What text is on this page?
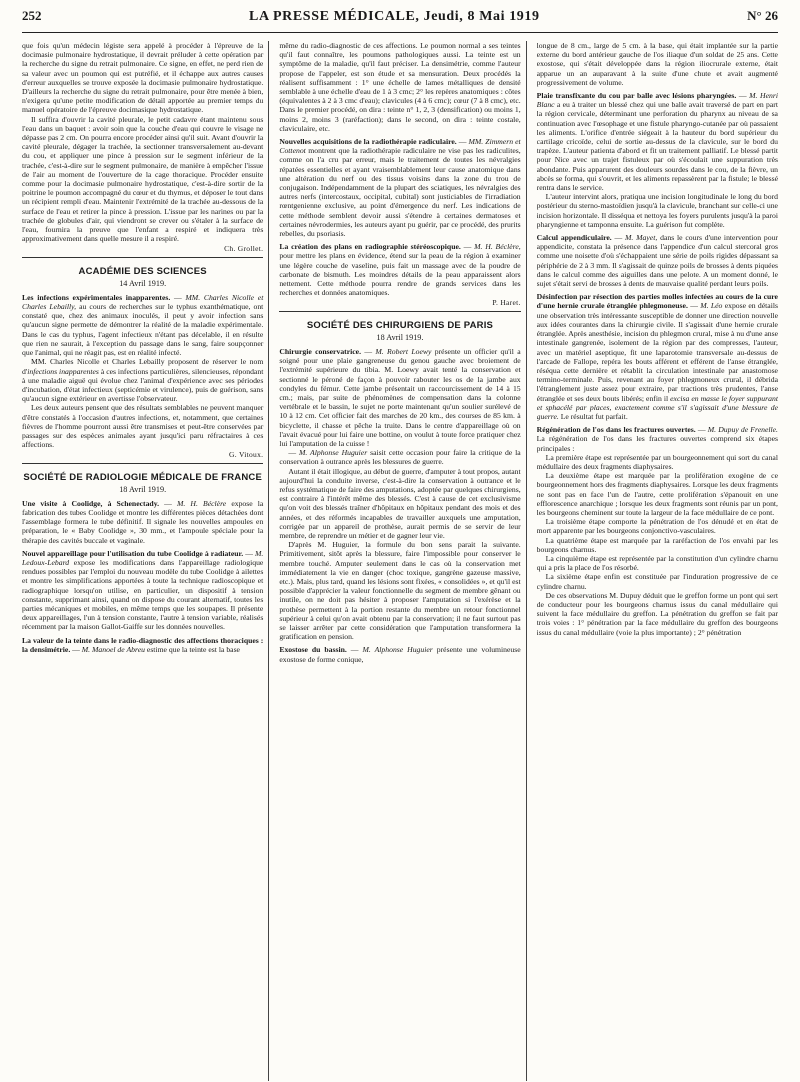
252	LA PRESSE MÉDICALE, Jeudi, 8 Mai 1919	N° 26

que fois qu'un médecin légiste sera appelé à procéder à l'épreuve de la docimasie pulmonaire hydrostatique, il devrait préluder à cette opération par la recherche du signe du retrait pulmonaire. Ce signe, en effet, ne perd rien de sa valeur avec un poumon qui est putréfié, et il échappe aux autres causes d'erreur auxquelles se trouve exposée la docimasie pulmonaire hydrostatique. D'ailleurs la recherche du signe du retrait pulmonaire, pour être menée à bien, n'exigera qu'une petite modification de détail apportée au premier temps du manuel opératoire de l'épreuve docimasique hydrostatique.

Il suffira d'ouvrir la cavité pleurale, le petit cadavre étant maintenu sous l'eau dans un baquet : avoir soin que la couche d'eau qui couvre le visage ne dépasse pas 2 cm. On pourra encore procéder ainsi qu'il suit. Avant d'ouvrir la cavité pleurale, dégager la trachée, la sectionner transversalement au-devant du cou, et appliquer une pince à pression sur le segment inférieur de la trachée, c'est-à-dire sur le segment pulmonaire, de manière à empêcher l'issue de l'air au moment de l'ouverture de la cage thoracique. Procéder ensuite comme pour la docimasie pulmonaire hydrostatique, c'est-à-dire sortir de la poitrine le poumon accompagné du cœur et du thymus, et déposer le tout dans un récipient rempli d'eau. Maintenir l'extrémité de la trachée au-dessous de la surface de l'eau et retirer la pince à pression. L'issue par les narines ou par la trachée de globules d'air, qui viendront se crever ou s'étaler à la surface de l'eau, fournira la preuve que l'enfant a respiré et indiquera très approximativement dans quelle mesure il a respiré.

Ch. Grollet.
ACADÉMIE DES SCIENCES
14 Avril 1919.

Les infections expérimentales inapparentes. — MM. Charles Nicolle et Charles Lebailly, au cours de recherches sur le typhus exanthématique, ont constaté que, chez des animaux inoculés, il peut y avoir infection sans qu'aucun signe permette de démontrer la réalité de la maladie expérimentale. Dans le cas du typhus, l'agent infectieux n'étant pas décelable, il en résulte que rien ne saurait, à l'exception du passage dans le sang, faire soupçonner que l'animal, qui ne réagit pas, est en réalité infecté.

MM. Charles Nicolle et Charles Lebailly proposent de réserver le nom d'infections inapparentes à ces infections particulières, silencieuses, répondant à une maladie aiguë qui évolue chez l'animal d'expérience avec ses périodes d'incubation, d'état infectieux (septicémie et virulence), puis de guérison, sans qu'aucun signe extérieur en avertisse l'observateur.

Les deux auteurs pensent que des résultats semblables ne peuvent manquer d'être constatés à l'occasion d'autres infections, et, notamment, que certaines fièvres de l'homme pourront aussi être transmises et peut-être conservées par passages sur des espèces animales ayant jusqu'ici paru réfractaires à ces affections.

G. Vitoux.
SOCIÉTÉ DE RADIOLOGIE MÉDICALE DE FRANCE
18 Avril 1919.

Une visite à Coolidge, à Schenectady. — M. H. Béclère expose la fabrication des tubes Coolidge et montre les différentes pièces détachées dont l'assemblage formera le tube définitif. Il signale les nouvelles ampoules en préparation, le « Baby Coolidge », 30 mm., et l'ampoule spéciale pour la thérapie des cavités buccale et vaginale.

Nouvel appareillage pour l'utilisation du tube Coolidge à radiateur. — M. Ledoux-Lebard expose les modifications dans l'appareillage radiologique rendues possibles par l'emploi du nouveau modèle du tube Coolidge à ailettes et montre les simplifications apportées à toute la technique radioscopique et radiographique lorsqu'on utilise, en particulier, un dispositif à tension constante, supprimant ainsi, quand on dispose du courant alternatif, toutes les parties mécaniques et mobiles, en même temps que les soupapes. Il présente deux appareillages, l'un à tension constante, l'autre à tension variable, réalisés récemment par la maison Gallot-Gaiffe sur les données nouvelles.

La valeur de la teinte dans le radio-diagnostic des affections thoraciques : la densimétrie. — M. Manoel de Abreu estime que la teinte est la base

même du radio-diagnostic de ces affections. Le poumon normal a ses teintes qu'il faut connaître, les poumons pathologiques aussi. La teinte est un symptôme de la maladie, qu'il faut préciser. La densimétrie, comme l'auteur propose de l'appeler, est son étude et sa mensuration. Deux procédés la réalisent suffisamment : 1° une échelle de lames métalliques de densité semblable à une échelle d'eau de 1 à 3 cmc; 2° les repères anatomiques : côtes (équivalentes à 2 à 3 cmc d'eau); clavicules (4 à 6 cmc); cœur (7 à 8 cmc), etc. Dans le premier procédé, on dira : teinte n° 1, 2, 3 (densification) ou moins 1, moins 2, moins 3 (raréfaction); dans le second, on dira : teinte costale, claviculaire, etc.

Nouvelles acquisitions de la radiothérapie radiculaire. — MM. Zimmern et Cottenot montrent que la radiothérapie radiculaire ne vise pas les radiculites, comme on l'a cru par erreur, mais le traitement de toutes les névralgies répatées essentielles et ayant vraisemblablement leur cause anatomique dans une altération du nerf ou des tissus voisins dans la zone du trou de conjugaison. Indépendamment de la plupart des sciatiques, les névralgies des autres nerfs (intercostaux, occipital, cubital) sont justiciables de l'irradiation rœntgenienne exclusive, au point d'émergence du nerf. Les indications de cette méthode semblent devoir aussi s'étendre à certaines dermatoses et certaines névrodermies, les auteurs ayant pu guérir, par ce procédé, des prurits rebelles, du psoriasis.

La création des plans en radiographie stéréoscopique. — M. H. Béclère, pour mettre les plans en évidence, étend sur la peau de la région à examiner une légère couche de vaseline, puis fait un massage avec de la poudre de carbonate de bismuth. Les moindres détails de la peau apparaissent alors nettement. Cette méthode pourra rendre de grands services dans les recherches et données anatomiques.

P. Haret.
SOCIÉTÉ DES CHIRURGIENS DE PARIS
18 Avril 1919.

Chirurgie conservatrice. — M. Robert Loewy présente un officier qu'il a soigné pour une plaie gangreneuse du genou gauche avec broiement de l'extrémité supérieure du tibia. M. Loewy avait tenté la conservation et sectionné le péroné de façon à pouvoir rabouter les os de la jambe aux condyles du fémur. Cette jambe présentait un raccourcissement de 14 à 15 cm.; mais, par suite de phénomènes de compensation dans la colonne vertébrale et le bassin, le sujet ne porte maintenant qu'un soulier surélevé de 10 à 12 cm. Cet officier fait des marches de 20 km., des courses de 85 km. à bicyclette, il chasse et pêche la truite. Dans le centre d'appareillage où on l'avait évacué pour lui faire une bottine, on voulut à toute force pratiquer chez lui l'amputation de la cuisse !

— M. Alphonse Huguier saisit cette occasion pour faire la critique de la conservation à outrance après les blessures de guerre.

Autant il était illogique, au début de guerre, d'amputer à tout propos, autant aujourd'hui la conduite inverse, c'est-à-dire la conservation à outrance et le refus systématique de faire des amputations, adoptée par quelques chirurgiens, est contraire à l'intérêt même des blessés. C'est à cause de cet exclusivisme qu'on voit des blessés traîner d'hôpitaux en hôpitaux pendant des mois et des années, et des réformés incapables de travailler auxquels une amputation, corrigée par un appareil de prothèse, aurait permis de se servir de leur membre, de reprendre un métier et de gagner leur vie.

D'après M. Huguier, la formule du bon sens parait la suivante. Primitivement, sitôt après la blessure, faire l'impossible pour conserver le membre touché. Amputer seulement dans le cas où la conservation met immédiatement la vie en danger (choc toxique, gangrène gazeuse massive, etc.). Mais, plus tard, quand les lésions sont fixées, « consolidées », et qu'il est possible d'apprécier la valeur fonctionnelle du segment de membre gênant ou inutile, on ne doit pas hésiter à proposer l'amputation si l'exérèse et la prothèse permettent à la portion restante du membre un retour fonctionnel supérieur à celui qu'on avait obtenu par la conservation; il ne faut surtout pas se laisser arrêter par cette considération que l'amputation transformera la gratification en pension.

Exostose du bassin. — M. Alphonse Huguier présente une volumineuse exostose de forme conique,

longue de 8 cm., large de 5 cm. à la base, qui était implantée sur la partie externe du bord antérieur gauche de l'os iliaque d'un soldat de 25 ans. Cette exostose, qui s'était développée dans la région iliocrurale externe, était apparue un an auparavant à la suite d'une chute et avait augmenté progressivement de volume.

Plaie transfixante du cou par balle avec lésions pharyngées. — M. Henri Blanc a eu à traiter un blessé chez qui une balle avait traversé de part en part la région cervicale, déterminant une perforation du pharynx au niveau de sa continuation avec l'œsophage et une fistule pharyngo-cutanée par où passaient les aliments. L'orifice d'entrée siégeait à la hauteur du bord supérieur du cartilage cricoïde, celui de sortie au-dessus de la clavicule, sur le bord du trapèze. L'auteur patienta d'abord et fit un traitement palliatif. Le blessé partit pour Nice avec un trajet fistuleux par où s'écoulait une suppuration très abondante. Puis apparurent des douleurs sourdes dans le cou, de la fièvre, un abcès se forma, qui s'ouvrit, et les aliments repassèrent par la fistule; le blessé rentra dans le service.

L'auteur intervint alors, pratiqua une incision longitudinale le long du bord postérieur du sterno-mastoïdien jusqu'à la clavicule, branchant sur celle-ci une incision horizontale. Il disséqua et nettoya les foyers purulents jusqu'à la paroi pharyngienne et tamponna ensuite. La guérison fut complète.

Calcul appendiculaire. — M. Mayet, dans le cours d'une intervention pour appendicite, constata la présence dans l'appendice d'un calcul stercoral gros comme une noisette d'où s'échappaient une série de poils rigides dépassant sa périphérie de 2 à 3 mm. Il s'agissait de quinze poils de brosses à dents piquées dans le calcul comme des aiguilles dans une pelote. A un moment donné, le sujet s'était servi de brosses à dents de mauvaise qualité perdant leurs poils.

Désinfection par résection des parties molles infectées au cours de la cure d'une hernie crurale étranglée phlegmoneuse. — M. Léo expose en détails une observation très intéressante susceptible de donner une direction nouvelle aux idées courantes dans la chirurgie civile. Il s'agissait d'une hernie crurale étranglée. Après anesthésie, incision du phlegmon crural, mise à nu d'une anse intestinale gangrenée, isolement de la région par des compresses, l'auteur, avec un matériel aseptique, fit une laparotomie transversale au-dessus de l'arcade de Fallope, repéra les bouts afférent et efférent de l'anse étranglée, réséqua cette dernière et rétablit la circulation intestinale par anastomose termino-terminale. Puis, revenant au foyer phlegmoneux crural, il débrida l'étranglement juste assez pour extraire, par tractions très prudentes, l'anse étranglée et ses deux bouts libérés; enfin il excisa en masse le foyer suppurant et sphacélé par places, exactement comme s'il s'agissait d'une blessure de guerre. Le résultat fut parfait.

Régénération de l'os dans les fractures ouvertes. — M. Dupuy de Frenelle. La régénération de l'os dans les fractures ouvertes comprend six étapes principales :

La première étape est représentée par un bourgeonnement qui sort du canal médullaire des deux fragments diaphysaires.

La deuxième étape est marquée par la prolifération exogène de ce bourgeonnement hors des fragments diaphysaires. Lorsque les deux fragments ne sont pas en face l'un de l'autre, cette prolifération s'épanouit en une efflorescence anarchique ; lorsque les deux fragments sont réunis par un pont, les bourgeons cheminent sur toute la largeur de la face médullaire de ce pont.

La troisième étape comporte la pénétration de l'os dénudé et en état de mort apparente par les bourgeons conjonctivo-vasculaires.

La quatrième étape est marquée par la raréfaction de l'os envahi par les bourgeons charnus.

La cinquième étape est représentée par la constitution d'un cylindre charnu qui a pris la place de l'os résorbé.

La sixième étape enfin est constituée par l'induration progressive de ce cylindre charnu.

De ces observations M. Dupuy déduit que le greffon forme un pont qui sert de conducteur pour les bourgeons charnus issus du canal médullaire qui suivent la face médullaire du greffon. La pénétration du greffon se fait par trois voies : 1° pénétration par la face médullaire du greffon des bourgeons issus du canal médullaire (voie la plus importante) ; 2° pénétration
